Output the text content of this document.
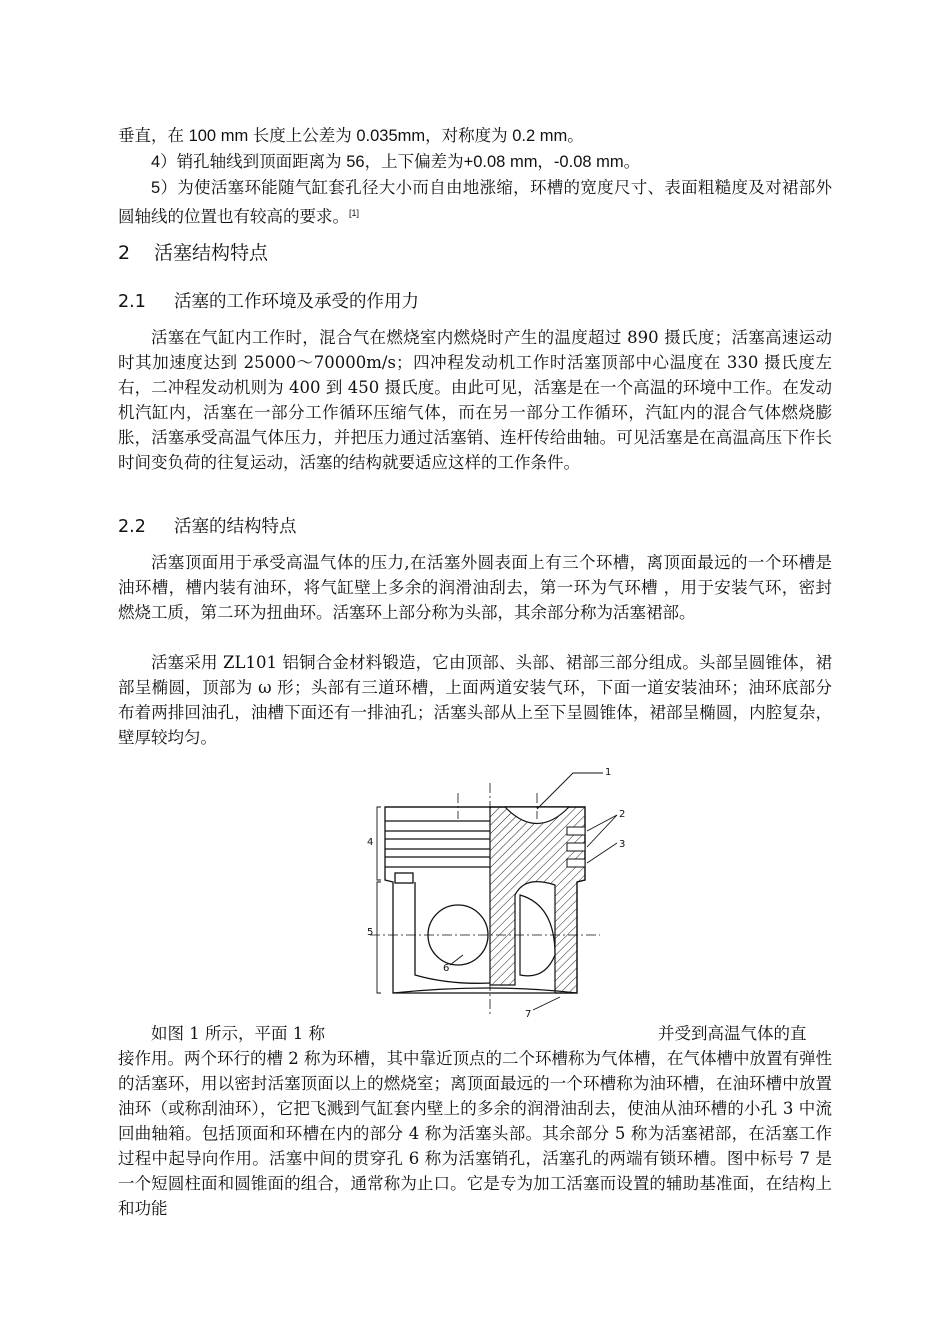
垂直，在 100 mm 长度上公差为 0.035mm，对称度为 0.2 mm。

4）销孔轴线到顶面距离为 56，上下偏差为+0.08 mm，-0.08 mm。

5）为使活塞环能随气缸套孔径大小而自由地涨缩，环槽的宽度尺寸、表面粗糙度及对裙部外圆轴线的位置也有较高的要求。[1]

2 活塞结构特点
2.1 活塞的工作环境及承受的作用力

活塞在气缸内工作时，混合气在燃烧室内燃烧时产生的温度超过 890 摄氏度；活塞高速运动时其加速度达到 25000～70000m/s；四冲程发动机工作时活塞顶部中心温度在 330 摄氏度左右，二冲程发动机则为 400 到 450 摄氏度。由此可见，活塞是在一个高温的环境中工作。在发动机汽缸内，活塞在一部分工作循环压缩气体，而在另一部分工作循环，汽缸内的混合气体燃烧膨胀，活塞承受高温气体压力，并把压力通过活塞销、连杆传给曲轴。可见活塞是在高温高压下作长时间变负荷的往复运动，活塞的结构就要适应这样的工作条件。

2.2 活塞的结构特点

活塞顶面用于承受高温气体的压力,在活塞外圆表面上有三个环槽，离顶面最远的一个环槽是油环槽，槽内装有油环，将气缸壁上多余的润滑油刮去，第一环为气环槽 ，用于安装气环，密封燃烧工质，第二环为扭曲环。活塞环上部分称为头部，其余部分称为活塞裙部。

活塞采用 ZL101 铝铜合金材料锻造，它由顶部、头部、裙部三部分组成。头部呈圆锥体，裙部呈椭圆，顶部为 ω 形；头部有三道环槽，上面两道安装气环，下面一道安装油环；油环底部分布着两排回油孔，油槽下面还有一排油孔；活塞头部从上至下呈圆锥体，裙部呈椭圆，内腔复杂，壁厚较均匀。

1
2
3
4
5
6
7
如图 1 所示，平面 1 称	并受到高温气体的直

接作用。两个环行的槽 2 称为环槽，其中靠近顶点的二个环槽称为气体槽，在气体槽中放置有弹性的活塞环，用以密封活塞顶面以上的燃烧室；离顶面最远的一个环槽称为油环槽，在油环槽中放置油环（或称刮油环），它把飞溅到气缸套内壁上的多余的润滑油刮去，使油从油环槽的小孔 3 中流回曲轴箱。包括顶面和环槽在内的部分 4 称为活塞头部。其余部分 5 称为活塞裙部，在活塞工作过程中起导向作用。活塞中间的贯穿孔 6 称为活塞销孔，活塞孔的两端有锁环槽。图中标号 7 是一个短圆柱面和圆锥面的组合，通常称为止口。它是专为加工活塞而设置的辅助基准面，在结构上和功能
